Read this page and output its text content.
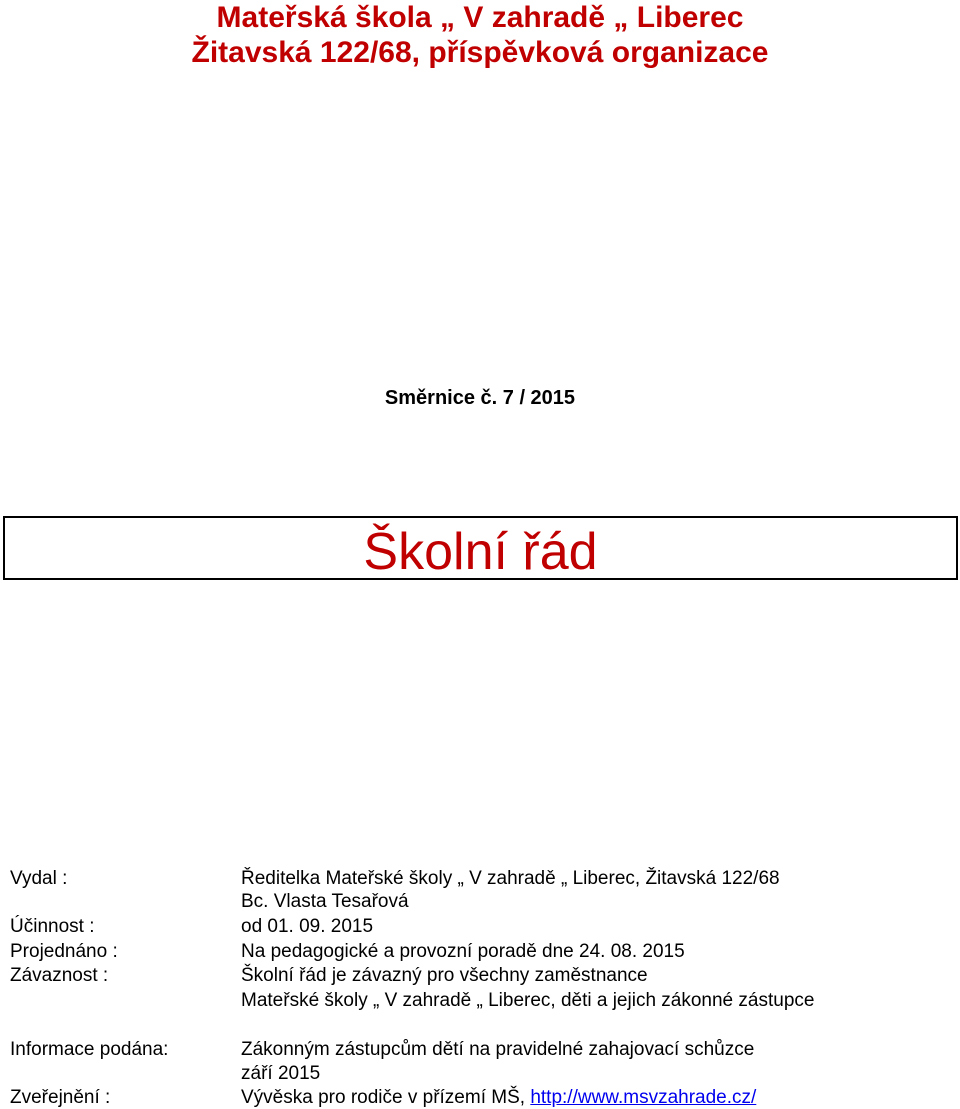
Mateřská škola „ V zahradě „ Liberec
Žitavská 122/68, příspěvková organizace
Směrnice č. 7 / 2015
Školní řád
Vydal :	Ředitelka Mateřské školy „ V zahradě „ Liberec, Žitavská 122/68
Bc. Vlasta Tesařová
Účinnost :	od 01. 09. 2015
Projednáno :	Na pedagogické a provozní poradě dne 24. 08. 2015
Závaznost :	Školní řád je závazný pro všechny zaměstnance
Mateřské školy „ V zahradě „ Liberec, děti a jejich zákonné zástupce
Informace podána:	Zákonným zástupcům dětí na pravidelné zahajovací schůzce
září 2015
Zveřejnění :	Vývěska pro rodiče v přízemí MŠ, http://www.msvzahrade.cz/
